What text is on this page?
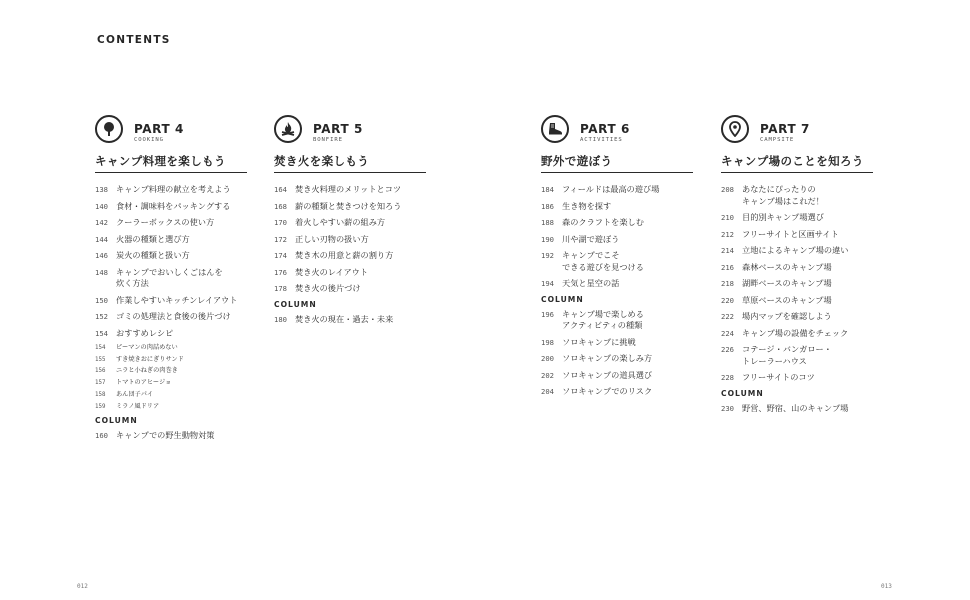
CONTENTS
PART 4
COOKING
キャンプ料理を楽しもう
138 キャンプ料理の献立を考えよう
140 食材・調味料をパッキングする
142 クーラーボックスの使い方
144 火器の種類と選び方
146 炭火の種類と扱い方
148 キャンプでおいしくごはんを
炊く方法
150 作業しやすいキッチンレイアウト
152 ゴミの処理法と食後の後片づけ
154 おすすめレシピ
154	ピーマンの肉詰めない
155	すき焼きおにぎりサンド
156	ニラと小ねぎの肉巻き
157	トマトのアヒージョ
158	あん団子パイ
159	ミラノ風ドリア
COLUMN
160 キャンプでの野生動物対策
PART 5
BONFIRE
焚き火を楽しもう
164 焚き火料理のメリットとコツ
168 薪の種類と焚きつけを知ろう
170 着火しやすい薪の組み方
172 正しい刃物の扱い方
174 焚き木の用意と薪の割り方
176 焚き火のレイアウト
178 焚き火の後片づけ
COLUMN
180 焚き火の現在・過去・未来
PART 6
ACTIVITIES
野外で遊ぼう
184 フィールドは最高の遊び場
186 生き物を探す
188 森のクラフトを楽しむ
190 川や湖で遊ぼう
192 キャンプでこそ
できる遊びを見つける
194 天気と星空の話
COLUMN
196 キャンプ場で楽しめる
アクティビティの種類
198 ソロキャンプに挑戦
200 ソロキャンプの楽しみ方
202 ソロキャンプの道具選び
204 ソロキャンプでのリスク
PART 7
CAMPSITE
キャンプ場のことを知ろう
208 あなたにぴったりの
キャンプ場はこれだ！
210 目的別キャンプ場選び
212 フリーサイトと区画サイト
214 立地によるキャンプ場の違い
216 森林ベースのキャンプ場
218 湖畔ベースのキャンプ場
220 草原ベースのキャンプ場
222 場内マップを確認しよう
224 キャンプ場の設備をチェック
226 コテージ・バンガロー・
トレーラーハウス
228 フリーサイトのコツ
COLUMN
230 野営、野宿、山のキャンプ場
012	013
